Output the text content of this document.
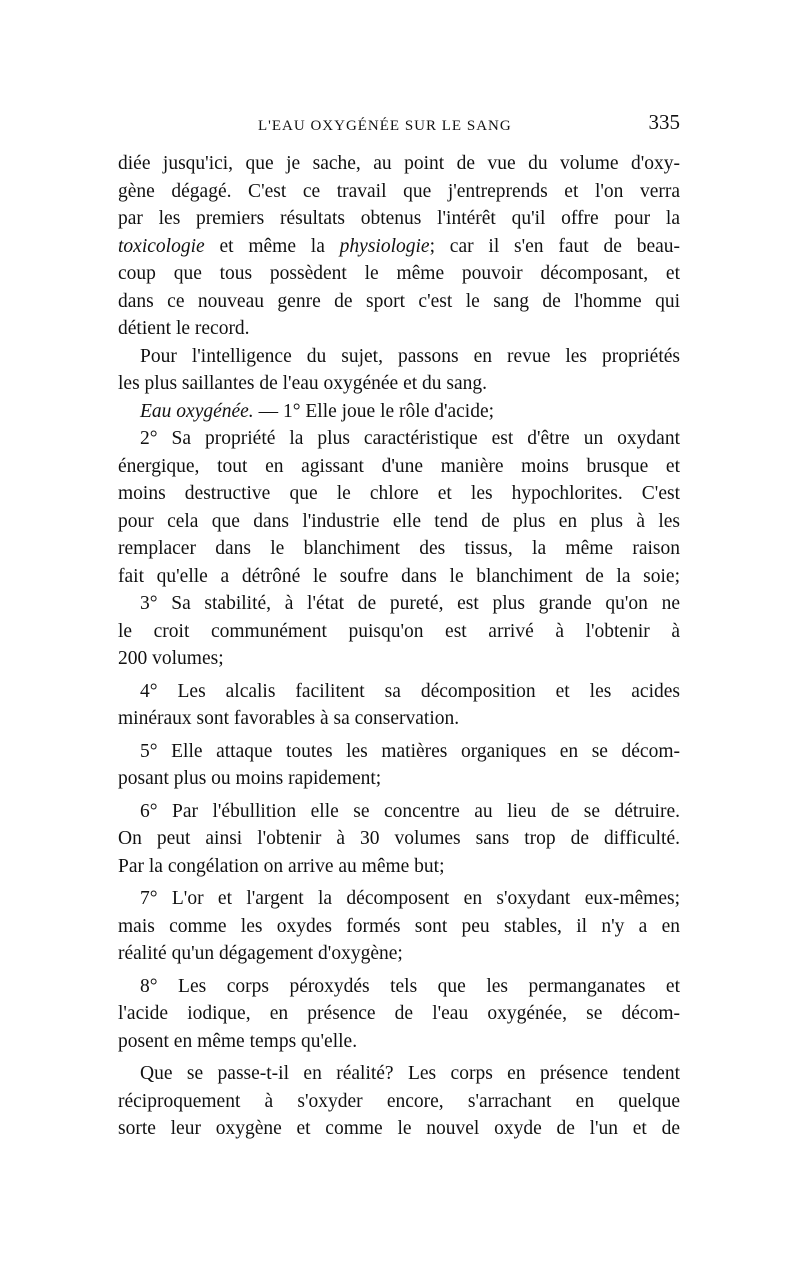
L'EAU OXYGÉNÉE SUR LE SANG	335
diée jusqu'ici, que je sache, au point de vue du volume d'oxy-
gène dégagé. C'est ce travail que j'entreprends et l'on verra
par les premiers résultats obtenus l'intérêt qu'il offre pour la
toxicologie et même la physiologie; car il s'en faut de beau-
coup que tous possèdent le même pouvoir décomposant, et
dans ce nouveau genre de sport c'est le sang de l'homme qui
détient le record.
Pour l'intelligence du sujet, passons en revue les propriétés
les plus saillantes de l'eau oxygénée et du sang.
Eau oxygénée. — 1° Elle joue le rôle d'acide;
2° Sa propriété la plus caractéristique est d'être un oxydant
énergique, tout en agissant d'une manière moins brusque et
moins destructive que le chlore et les hypochlorites. C'est
pour cela que dans l'industrie elle tend de plus en plus à les
remplacer dans le blanchiment des tissus, la même raison
fait qu'elle a détrôné le soufre dans le blanchiment de la soie;
3° Sa stabilité, à l'état de pureté, est plus grande qu'on ne
le croit communément puisqu'on est arrivé à l'obtenir à
200 volumes;
4° Les alcalis facilitent sa décomposition et les acides
minéraux sont favorables à sa conservation.
5° Elle attaque toutes les matières organiques en se décom-
posant plus ou moins rapidement;
6° Par l'ébullition elle se concentre au lieu de se détruire.
On peut ainsi l'obtenir à 30 volumes sans trop de difficulté.
Par la congélation on arrive au même but;
7° L'or et l'argent la décomposent en s'oxydant eux-mêmes;
mais comme les oxydes formés sont peu stables, il n'y a en
réalité qu'un dégagement d'oxygène;
8° Les corps péroxydés tels que les permanganates et
l'acide iodique, en présence de l'eau oxygénée, se décom-
posent en même temps qu'elle.
Que se passe-t-il en réalité? Les corps en présence tendent
réciproquement à s'oxyder encore, s'arrachant en quelque
sorte leur oxygène et comme le nouvel oxyde de l'un et de
